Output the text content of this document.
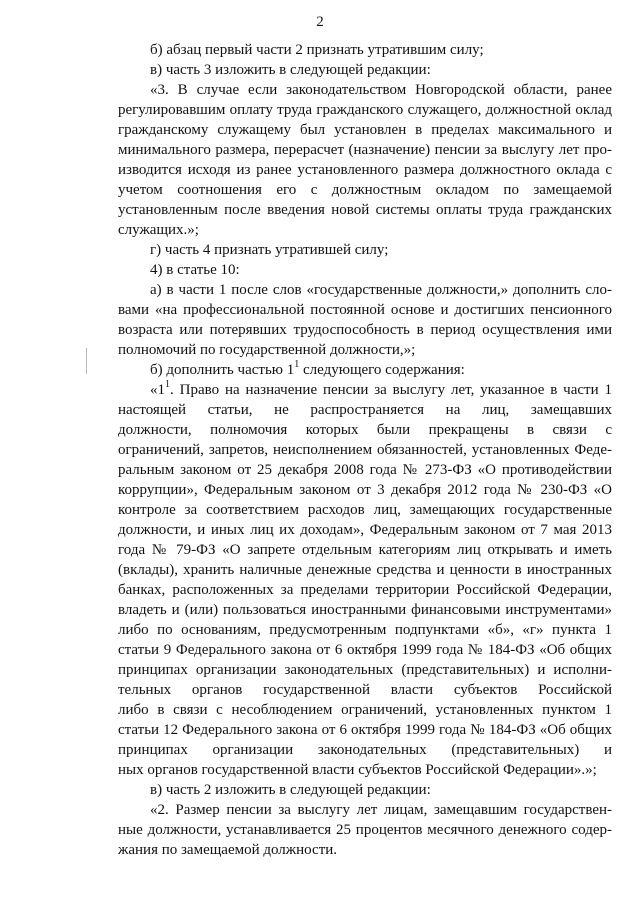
2
б) абзац первый части 2 признать утратившим силу;
в) часть 3 изложить в следующей редакции:
«3. В случае если законодательством Новгородской области, ранее
регулировавшим оплату труда гражданского служащего, должностной оклад
гражданскому служащему был установлен в пределах максимального и
минимального размера, перерасчет (назначение) пенсии за выслугу лет про-
изводится исходя из ранее установленного размера должностного оклада с
учетом соотношения его с должностным окладом по замещаемой
установленным после введения новой системы оплаты труда гражданских
служащих.»;
г) часть 4 признать утратившей силу;
4) в статье 10:
а) в части 1 после слов «государственные должности,» дополнить сло-
вами «на профессиональной постоянной основе и достигших пенсионного
возраста или потерявших трудоспособность в период осуществления ими
полномочий по государственной должности,»;
б) дополнить частью $1^1$ следующего содержания:
«$1^1$. Право на назначение пенсии за выслугу лет, указанное в части 1
настоящей статьи, не распространяется на лиц, замещавших
должности, полномочия которых были прекращены в связи с
ограничений, запретов, неисполнением обязанностей, установленных Феде-
ральным законом от 25 декабря 2008 года № 273-ФЗ «О противодействии
коррупции», Федеральным законом от 3 декабря 2012 года № 230-ФЗ «О
контроле за соответствием расходов лиц, замещающих государственные
должности, и иных лиц их доходам», Федеральным законом от 7 мая 2013
года № 79-ФЗ «О запрете отдельным категориям лиц открывать и иметь
(вклады), хранить наличные денежные средства и ценности в иностранных
банках, расположенных за пределами территории Российской Федерации,
владеть и (или) пользоваться иностранными финансовыми инструментами»
либо по основаниям, предусмотренным подпунктами «б», «г» пункта 1
статьи 9 Федерального закона от 6 октября 1999 года № 184-ФЗ «Об общих
принципах организации законодательных (представительных) и исполни-
тельных органов государственной власти субъектов Российской
либо в связи с несоблюдением ограничений, установленных пунктом 1
статьи 12 Федерального закона от 6 октября 1999 года № 184-ФЗ «Об общих
принципах организации законодательных (представительных) и
ных органов государственной власти субъектов Российской Федерации».»;
в) часть 2 изложить в следующей редакции:
«2. Размер пенсии за выслугу лет лицам, замещавшим государствен-
ные должности, устанавливается 25 процентов месячного денежного содер-
жания по замещаемой должности.
